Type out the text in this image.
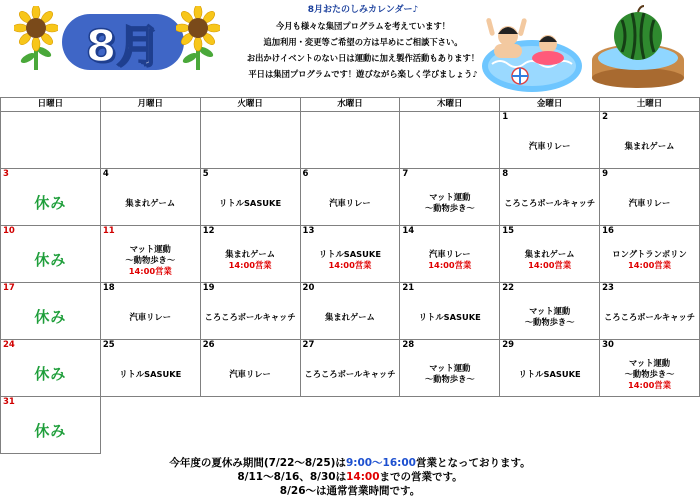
8月
8月おたのしみカレンダー♪
今月も様々な集団プログラムを考えています！
追加利用・変更等ご希望の方は早めにご相談下さい。
お出かけイベントのない日は運動に加え製作活動もあります！
平日は集団プログラムです！遊びながら楽しく学びましょう♪
日曜日	月曜日	火曜日	水曜日	木曜日	金曜日	土曜日

					1
汽車リレー	2
集まれゲーム

3
休み	4
集まれゲーム	5
リトルSASUKE	6
汽車リレー	7
マット運動
～動物歩き～	8
ころころボールキャッチ	9
汽車リレー

10
休み	11
マット運動
～動物歩き～
14:00営業	12
集まれゲーム
14:00営業	13
リトルSASUKE
14:00営業	14
汽車リレー
14:00営業	15
集まれゲーム
14:00営業	16
ロングトランポリン
14:00営業

17
休み	18
汽車リレー	19
ころころボールキャッチ	20
集まれゲーム	21
リトルSASUKE	22
マット運動
～動物歩き～	23
ころころボールキャッチ

24
休み	25
リトルSASUKE	26
汽車リレー	27
ころころボールキャッチ	28
マット運動
～動物歩き～	29
リトルSASUKE	30
マット運動
～動物歩き～
14:00営業

31
休み						

今年度の夏休み期間(7/22～8/25)は9:00～16:00営業となっております。
8/11～8/16、8/30は14:00までの営業です。
8/26～は通常営業時間です。
